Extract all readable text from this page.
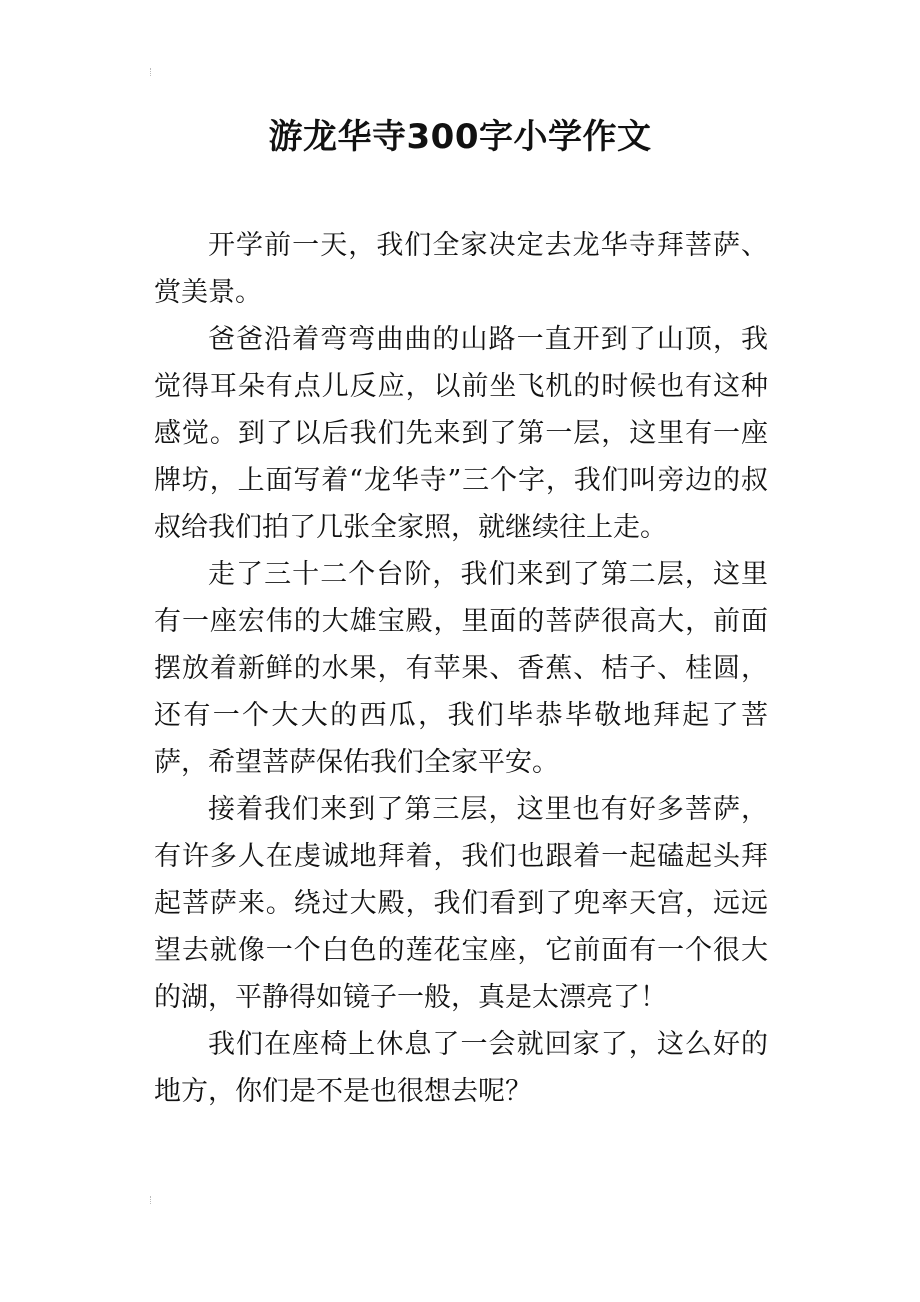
游龙华寺300字小学作文

开学前一天，我们全家决定去龙华寺拜菩萨、赏美景。

爸爸沿着弯弯曲曲的山路一直开到了山顶，我觉得耳朵有点儿反应，以前坐飞机的时候也有这种感觉。到了以后我们先来到了第一层，这里有一座牌坊，上面写着“龙华寺”三个字，我们叫旁边的叔叔给我们拍了几张全家照，就继续往上走。

走了三十二个台阶，我们来到了第二层，这里有一座宏伟的大雄宝殿，里面的菩萨很高大，前面摆放着新鲜的水果，有苹果、香蕉、桔子、桂圆，还有一个大大的西瓜，我们毕恭毕敬地拜起了菩萨，希望菩萨保佑我们全家平安。

接着我们来到了第三层，这里也有好多菩萨，有许多人在虔诚地拜着，我们也跟着一起磕起头拜起菩萨来。绕过大殿，我们看到了兜率天宫，远远望去就像一个白色的莲花宝座，它前面有一个很大的湖，平静得如镜子一般，真是太漂亮了！

我们在座椅上休息了一会就回家了，这么好的地方，你们是不是也很想去呢？
